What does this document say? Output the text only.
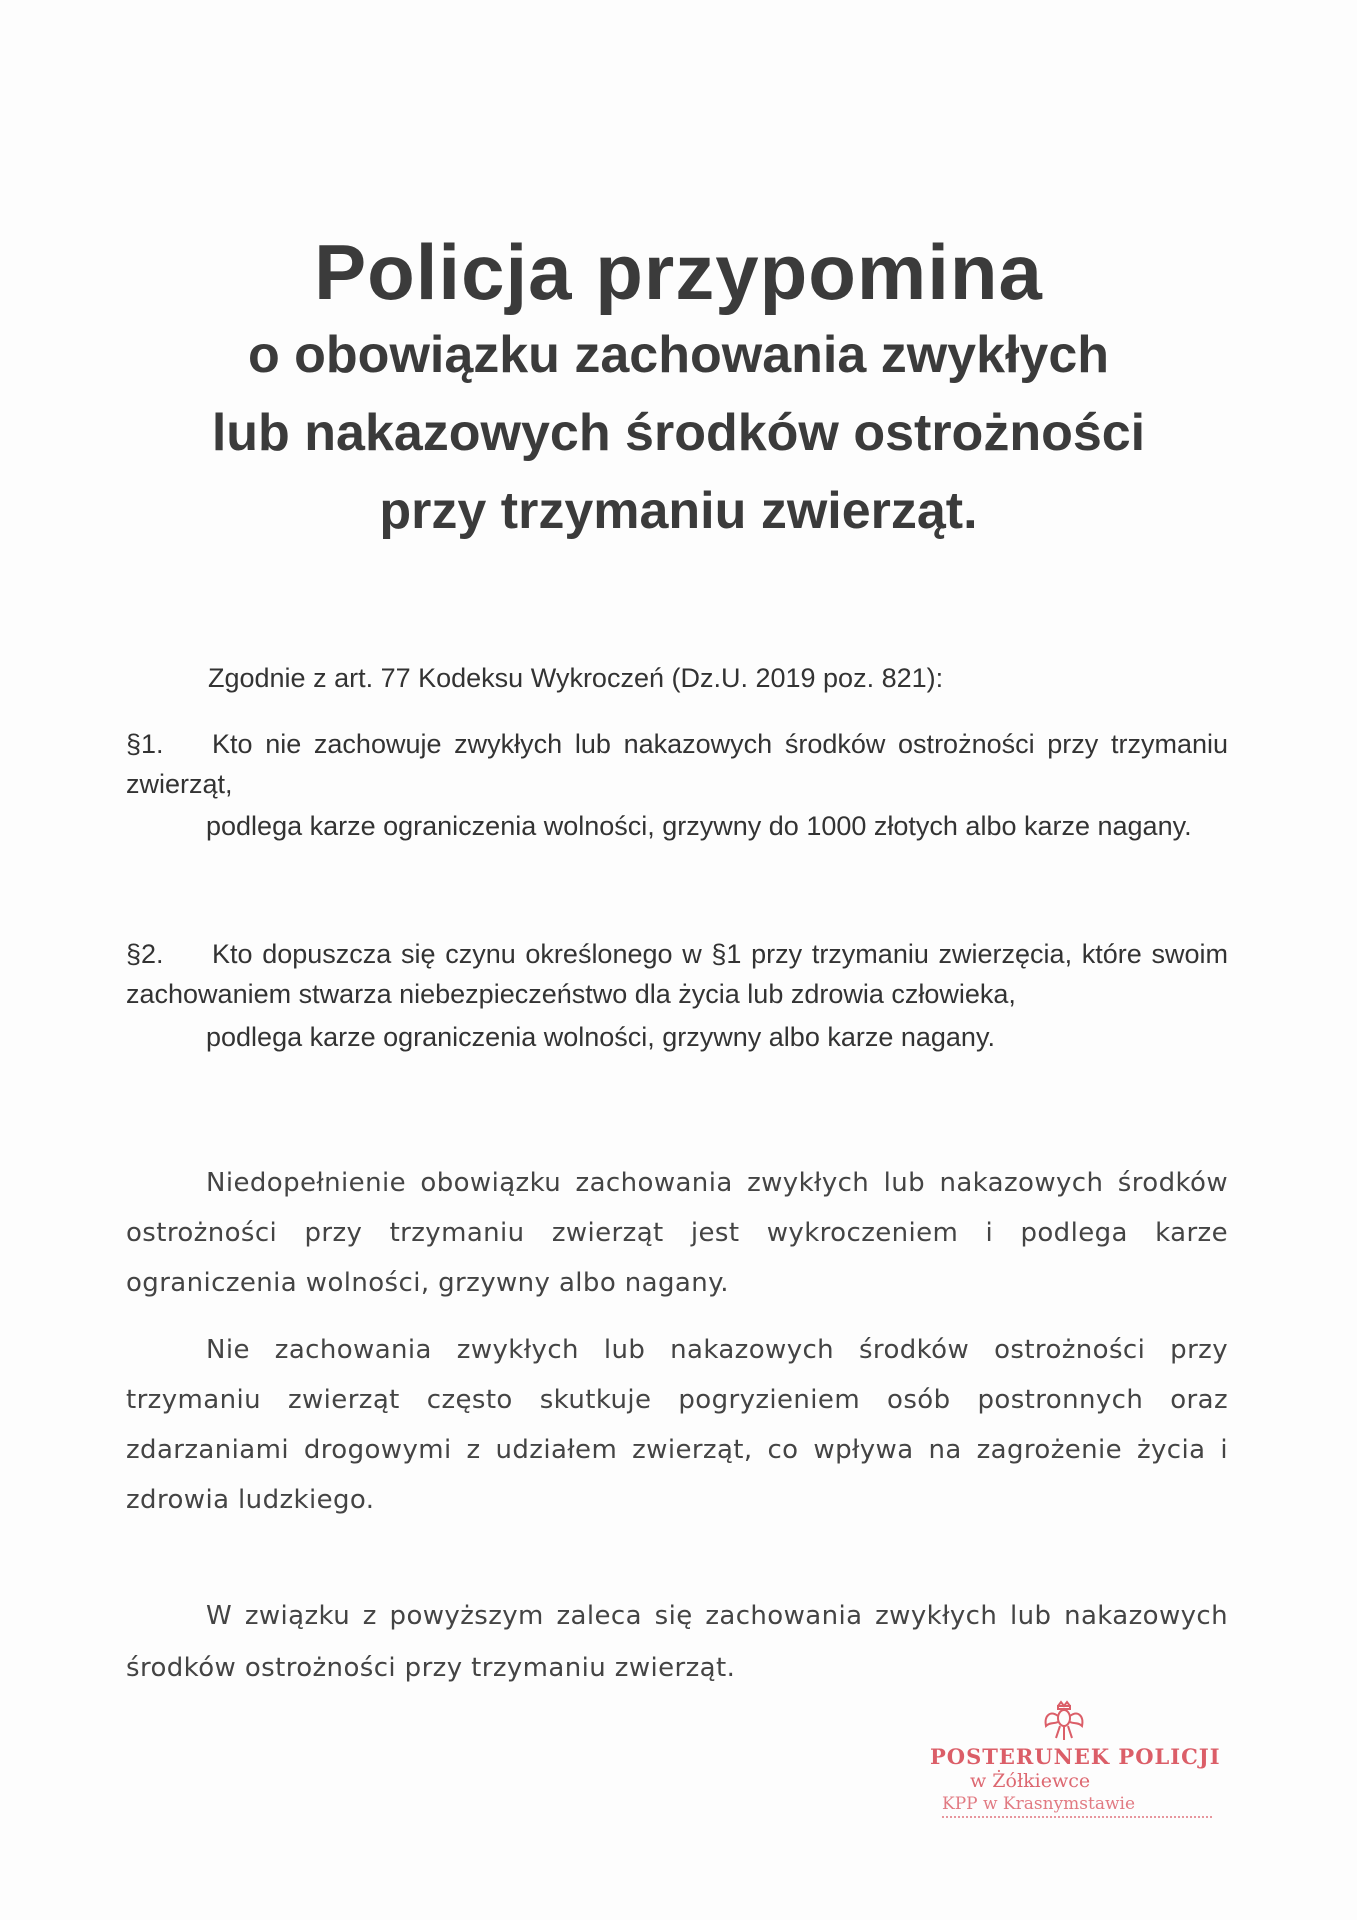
Policja przypomina
o obowiązku zachowania zwykłych
lub nakazowych środków ostrożności
przy trzymaniu zwierząt.
Zgodnie z art. 77 Kodeksu Wykroczeń (Dz.U. 2019 poz. 821):
§1. Kto nie zachowuje zwykłych lub nakazowych środków ostrożności przy trzymaniu zwierząt,
podlega karze ograniczenia wolności, grzywny do 1000 złotych albo karze nagany.
§2. Kto dopuszcza się czynu określonego w §1 przy trzymaniu zwierzęcia, które swoim zachowaniem stwarza niebezpieczeństwo dla życia lub zdrowia człowieka,
podlega karze ograniczenia wolności, grzywny albo karze nagany.
Niedopełnienie obowiązku zachowania zwykłych lub nakazowych środków ostrożności przy trzymaniu zwierząt jest wykroczeniem i podlega karze ograniczenia wolności, grzywny albo nagany.
Nie zachowania zwykłych lub nakazowych środków ostrożności przy trzymaniu zwierząt często skutkuje pogryzieniem osób postronnych oraz zdarzaniami drogowymi z udziałem zwierząt, co wpływa na zagrożenie życia i zdrowia ludzkiego.
W związku z powyższym zaleca się zachowania zwykłych lub nakazowych środków ostrożności przy trzymaniu zwierząt.
POSTERUNEK POLICJI
w Żółkiewce
KPP w Krasnymstawie
